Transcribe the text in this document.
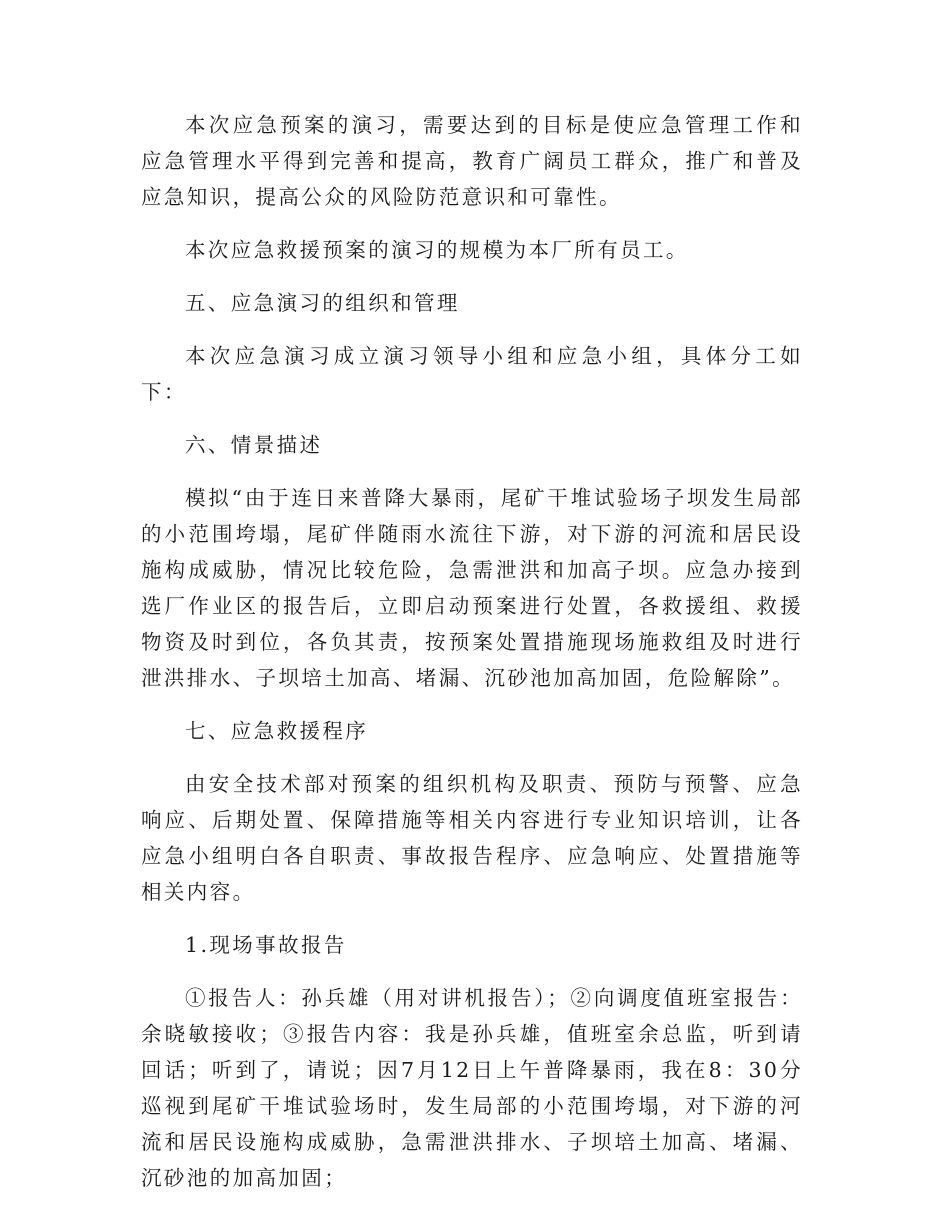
本次应急预案的演习，需要达到的目标是使应急管理工作和应急管理水平得到完善和提高，教育广阔员工群众，推广和普及应急知识，提高公众的风险防范意识和可靠性。

本次应急救援预案的演习的规模为本厂所有员工。

五、应急演习的组织和管理

本次应急演习成立演习领导小组和应急小组，具体分工如下：

六、情景描述

模拟“由于连日来普降大暴雨，尾矿干堆试验场子坝发生局部的小范围垮塌，尾矿伴随雨水流往下游，对下游的河流和居民设施构成威胁，情况比较危险，急需泄洪和加高子坝。应急办接到选厂作业区的报告后，立即启动预案进行处置，各救援组、救援物资及时到位，各负其责，按预案处置措施现场施救组及时进行泄洪排水、子坝培土加高、堵漏、沉砂池加高加固，危险解除”。

七、应急救援程序

由安全技术部对预案的组织机构及职责、预防与预警、应急响应、后期处置、保障措施等相关内容进行专业知识培训，让各应急小组明白各自职责、事故报告程序、应急响应、处置措施等相关内容。

1.现场事故报告

①报告人：孙兵雄（用对讲机报告）；②向调度值班室报告：余晓敏接收；③报告内容：我是孙兵雄，值班室余总监，听到请回话；听到了，请说；因7月12日上午普降暴雨，我在8：30分巡视到尾矿干堆试验场时，发生局部的小范围垮塌，对下游的河流和居民设施构成威胁，急需泄洪排水、子坝培土加高、堵漏、沉砂池的加高加固；
